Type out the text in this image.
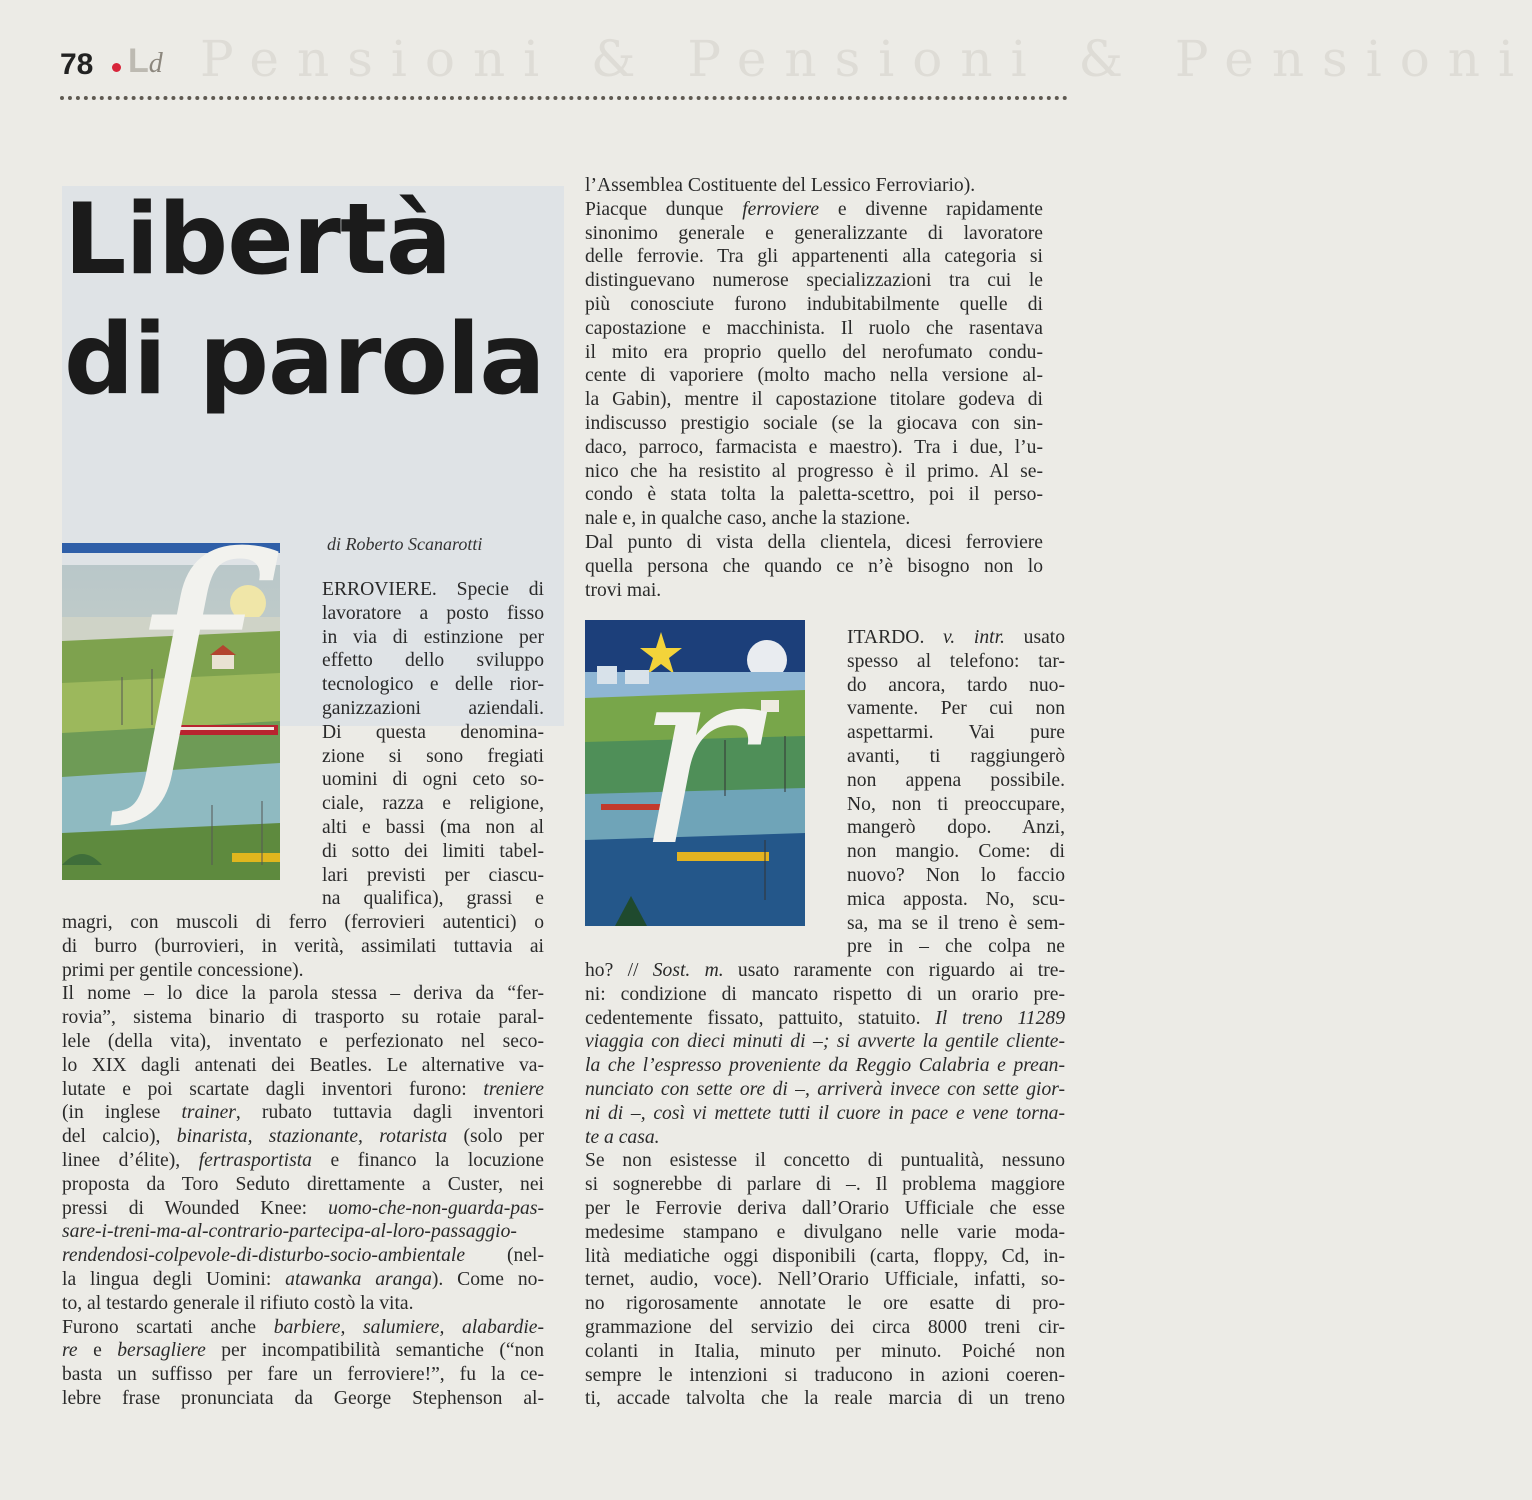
Pensioni & Pensioni & Pensioni
78 Ld
Libertà
di parola
di Roberto Scanarotti
f r
ERROVIERE. Specie di
lavoratore a posto fisso
in via di estinzione per
effetto dello sviluppo
tecnologico e delle rior-
ganizzazioni aziendali.
Di questa denomina-
zione si sono fregiati
uomini di ogni ceto so-
ciale, razza e religione,
alti e bassi (ma non al
di sotto dei limiti tabel-
lari previsti per ciascu-
na qualifica), grassi e
magri, con muscoli di ferro (ferrovieri autentici) o
di burro (burrovieri, in verità, assimilati tuttavia ai
primi per gentile concessione).
Il nome – lo dice la parola stessa – deriva da “fer-
rovia”, sistema binario di trasporto su rotaie paral-
lele (della vita), inventato e perfezionato nel seco-
lo XIX dagli antenati dei Beatles. Le alternative va-
lutate e poi scartate dagli inventori furono: treniere
(in inglese trainer, rubato tuttavia dagli inventori
del calcio), binarista, stazionante, rotarista (solo per
linee d’élite), fertrasportista e financo la locuzione
proposta da Toro Seduto direttamente a Custer, nei
pressi di Wounded Knee: uomo-che-non-guarda-pas-
sare-i-treni-ma-al-contrario-partecipa-al-loro-passaggio-
rendendosi-colpevole-di-disturbo-socio-ambientale (nel-
la lingua degli Uomini: atawanka aranga). Come no-
to, al testardo generale il rifiuto costò la vita.
Furono scartati anche barbiere, salumiere, alabardie-
re e bersagliere per incompatibilità semantiche (“non
basta un suffisso per fare un ferroviere!”, fu la ce-
lebre frase pronunciata da George Stephenson al-
l’Assemblea Costituente del Lessico Ferroviario).
Piacque dunque ferroviere e divenne rapidamente
sinonimo generale e generalizzante di lavoratore
delle ferrovie. Tra gli appartenenti alla categoria si
distinguevano numerose specializzazioni tra cui le
più conosciute furono indubitabilmente quelle di
capostazione e macchinista. Il ruolo che rasentava
il mito era proprio quello del nerofumato condu-
cente di vaporiere (molto macho nella versione al-
la Gabin), mentre il capostazione titolare godeva di
indiscusso prestigio sociale (se la giocava con sin-
daco, parroco, farmacista e maestro). Tra i due, l’u-
nico che ha resistito al progresso è il primo. Al se-
condo è stata tolta la paletta-scettro, poi il perso-
nale e, in qualche caso, anche la stazione.
Dal punto di vista della clientela, dicesi ferroviere
quella persona che quando ce n’è bisogno non lo
trovi mai.
ITARDO. v. intr. usato
spesso al telefono: tar-
do ancora, tardo nuo-
vamente. Per cui non
aspettarmi. Vai pure
avanti, ti raggiungerò
non appena possibile.
No, non ti preoccupare,
mangerò dopo. Anzi,
non mangio. Come: di
nuovo? Non lo faccio
mica apposta. No, scu-
sa, ma se il treno è sem-
pre in – che colpa ne
ho? // Sost. m. usato raramente con riguardo ai tre-
ni: condizione di mancato rispetto di un orario pre-
cedentemente fissato, pattuito, statuito. Il treno 11289
viaggia con dieci minuti di –; si avverte la gentile cliente-
la che l’espresso proveniente da Reggio Calabria e prean-
nunciato con sette ore di –, arriverà invece con sette gior-
ni di –, così vi mettete tutti il cuore in pace e vene torna-
te a casa.
Se non esistesse il concetto di puntualità, nessuno
si sognerebbe di parlare di –. Il problema maggiore
per le Ferrovie deriva dall’Orario Ufficiale che esse
medesime stampano e divulgano nelle varie moda-
lità mediatiche oggi disponibili (carta, floppy, Cd, in-
ternet, audio, voce). Nell’Orario Ufficiale, infatti, so-
no rigorosamente annotate le ore esatte di pro-
grammazione del servizio dei circa 8000 treni cir-
colanti in Italia, minuto per minuto. Poiché non
sempre le intenzioni si traducono in azioni coeren-
ti, accade talvolta che la reale marcia di un treno
